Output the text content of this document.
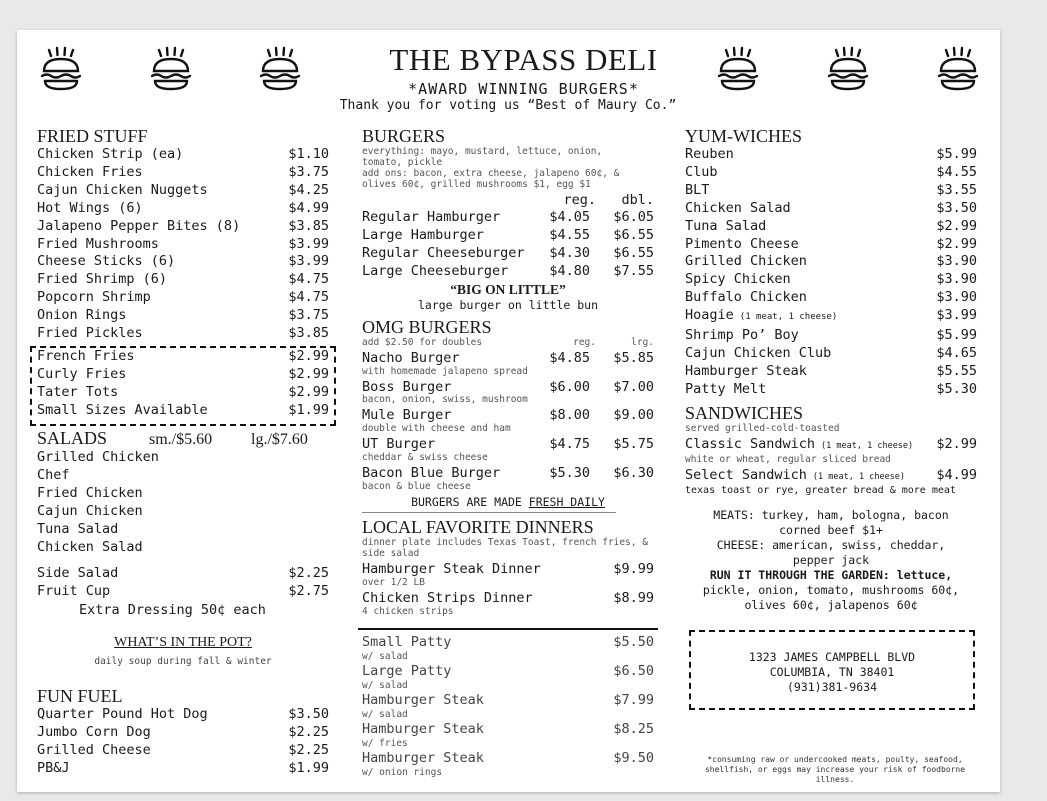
THE BYPASS DELI
*AWARD WINNING BURGERS*
Thank you for voting us “Best of Maury Co.”
FRIED STUFF
Chicken Strip (ea)	$1.10
Chicken Fries	$3.75
Cajun Chicken Nuggets	$4.25
Hot Wings (6)	$4.99
Jalapeno Pepper Bites (8)	$3.85
Fried Mushrooms	$3.99
Cheese Sticks (6)	$3.99
Fried Shrimp (6)	$4.75
Popcorn Shrimp	$4.75
Onion Rings	$3.75
Fried Pickles	$3.85
French Fries	$2.99
Curly Fries	$2.99
Tater Tots	$2.99
Small Sizes Available	$1.99
SALADS	sm./$5.60	lg./$7.60
Grilled Chicken
Chef
Fried Chicken
Cajun Chicken
Tuna Salad
Chicken Salad
Side Salad	$2.25
Fruit Cup	$2.75
Extra Dressing 50¢ each
WHAT’S IN THE POT?
daily soup during fall & winter
FUN FUEL
Quarter Pound Hot Dog	$3.50
Jumbo Corn Dog	$2.25
Grilled Cheese	$2.25
PB&J	$1.99
BURGERS
everything: mayo, mustard, lettuce, onion, tomato, pickle
add ons: bacon, extra cheese, jalapeno 60¢, & olives 60¢, grilled mushrooms $1, egg $1
reg.	dbl.
Regular Hamburger	$4.05	$6.05
Large Hamburger	$4.55	$6.55
Regular Cheeseburger	$4.30	$6.55
Large Cheeseburger	$4.80	$7.55
“BIG ON LITTLE”
large burger on little bun
OMG BURGERS
add $2.50 for doubles	reg.	lrg.
Nacho Burger	$4.85	$5.85
with homemade jalapeno spread
Boss Burger	$6.00	$7.00
bacon, onion, swiss, mushroom
Mule Burger	$8.00	$9.00
double with cheese and ham
UT Burger	$4.75	$5.75
cheddar & swiss cheese
Bacon Blue Burger	$5.30	$6.30
bacon & blue cheese
BURGERS ARE MADE FRESH DAILY
LOCAL FAVORITE DINNERS
dinner plate includes Texas Toast, french fries, & side salad
Hamburger Steak Dinner	$9.99
over 1/2 LB
Chicken Strips Dinner	$8.99
4 chicken strips
Small Patty	$5.50
w/ salad
Large Patty	$6.50
w/ salad
Hamburger Steak	$7.99
w/ salad
Hamburger Steak	$8.25
w/ fries
Hamburger Steak	$9.50
w/ onion rings
YUM-WICHES
Reuben	$5.99
Club	$4.55
BLT	$3.55
Chicken Salad	$3.50
Tuna Salad	$2.99
Pimento Cheese	$2.99
Grilled Chicken	$3.90
Spicy Chicken	$3.90
Buffalo Chicken	$3.90
Hoagie (1 meat, 1 cheese)	$3.99
Shrimp Po’ Boy	$5.99
Cajun Chicken Club	$4.65
Hamburger Steak	$5.55
Patty Melt	$5.30
SANDWICHES
served grilled-cold-toasted
Classic Sandwich (1 meat, 1 cheese) $2.99
white or wheat, regular sliced bread
Select Sandwich (1 meat, 1 cheese) $4.99
texas toast or rye, greater bread & more meat
MEATS: turkey, ham, bologna, bacon corned beef $1+
CHEESE: american, swiss, cheddar, pepper jack
RUN IT THROUGH THE GARDEN: lettuce,
pickle, onion, tomato, mushrooms 60¢, olives 60¢, jalapenos 60¢
1323 JAMES CAMPBELL BLVD
COLUMBIA, TN 38401
(931)381-9634
*consuming raw or undercooked meats, poulty, seafood, shellfish, or eggs may increase your risk of foodborne illness.
